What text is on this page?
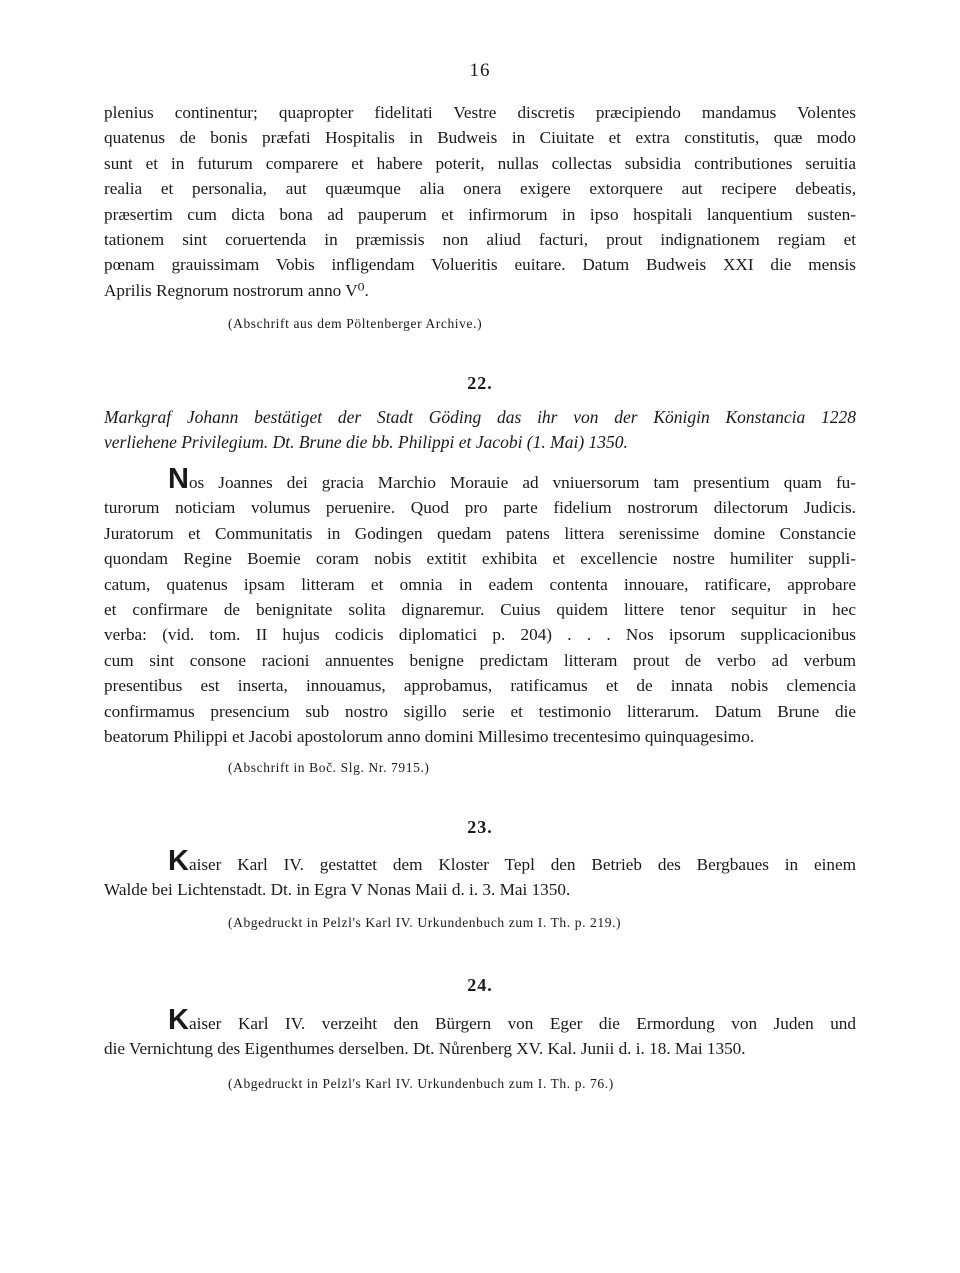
16
plenius continentur; quapropter fidelitati Vestre discretis præcipiendo mandamus Volentes
quatenus de bonis præfati Hospitalis in Budweis in Ciuitate et extra constitutis, quæ modo
sunt et in futurum comparere et habere poterit, nullas collectas subsidia contributiones seruitia
realia et personalia, aut quæumque alia onera exigere extorquere aut recipere debeatis,
præsertim cum dicta bona ad pauperum et infirmorum in ipso hospitali lanquentium susten-
tationem sint coruertenda in præmissis non aliud facturi, prout indignationem regiam et
pœnam grauissimam Vobis infligendam Volueritis euitare. Datum Budweis XXI die mensis
Aprilis Regnorum nostrorum anno V⁰.
(Abschrift aus dem Pöltenberger Archive.)
22.
Markgraf Johann bestätiget der Stadt Göding das ihr von der Königin Konstancia 1228
verliehene Privilegium. Dt. Brune die bb. Philippi et Jacobi (1. Mai) 1350.
Nos Joannes dei gracia Marchio Morauie ad vniuersorum tam presentium quam fu-
turorum noticiam volumus peruenire. Quod pro parte fidelium nostrorum dilectorum Judicis.
Juratorum et Communitatis in Godingen quedam patens littera serenissime domine Constancie
quondam Regine Boemie coram nobis extitit exhibita et excellencie nostre humiliter suppli-
catum, quatenus ipsam litteram et omnia in eadem contenta innouare, ratificare, approbare
et confirmare de benignitate solita dignaremur. Cuius quidem littere tenor sequitur in hec
verba: (vid. tom. II hujus codicis diplomatici p. 204) . . . Nos ipsorum supplicacionibus
cum sint consone racioni annuentes benigne predictam litteram prout de verbo ad verbum
presentibus est inserta, innouamus, approbamus, ratificamus et de innata nobis clemencia
confirmamus presencium sub nostro sigillo serie et testimonio litterarum. Datum Brune die
beatorum Philippi et Jacobi apostolorum anno domini Millesimo trecentesimo quinquagesimo.
(Abschrift in Boč. Slg. Nr. 7915.)
23.
Kaiser Karl IV. gestattet dem Kloster Tepl den Betrieb des Bergbaues in einem
Walde bei Lichtenstadt. Dt. in Egra V Nonas Maii d. i. 3. Mai 1350.
(Abgedruckt in Pelzl's Karl IV. Urkundenbuch zum I. Th. p. 219.)
24.
Kaiser Karl IV. verzeiht den Bürgern von Eger die Ermordung von Juden und
die Vernichtung des Eigenthumes derselben. Dt. Nůrenberg XV. Kal. Junii d. i. 18. Mai 1350.
(Abgedruckt in Pelzl's Karl IV. Urkundenbuch zum I. Th. p. 76.)
